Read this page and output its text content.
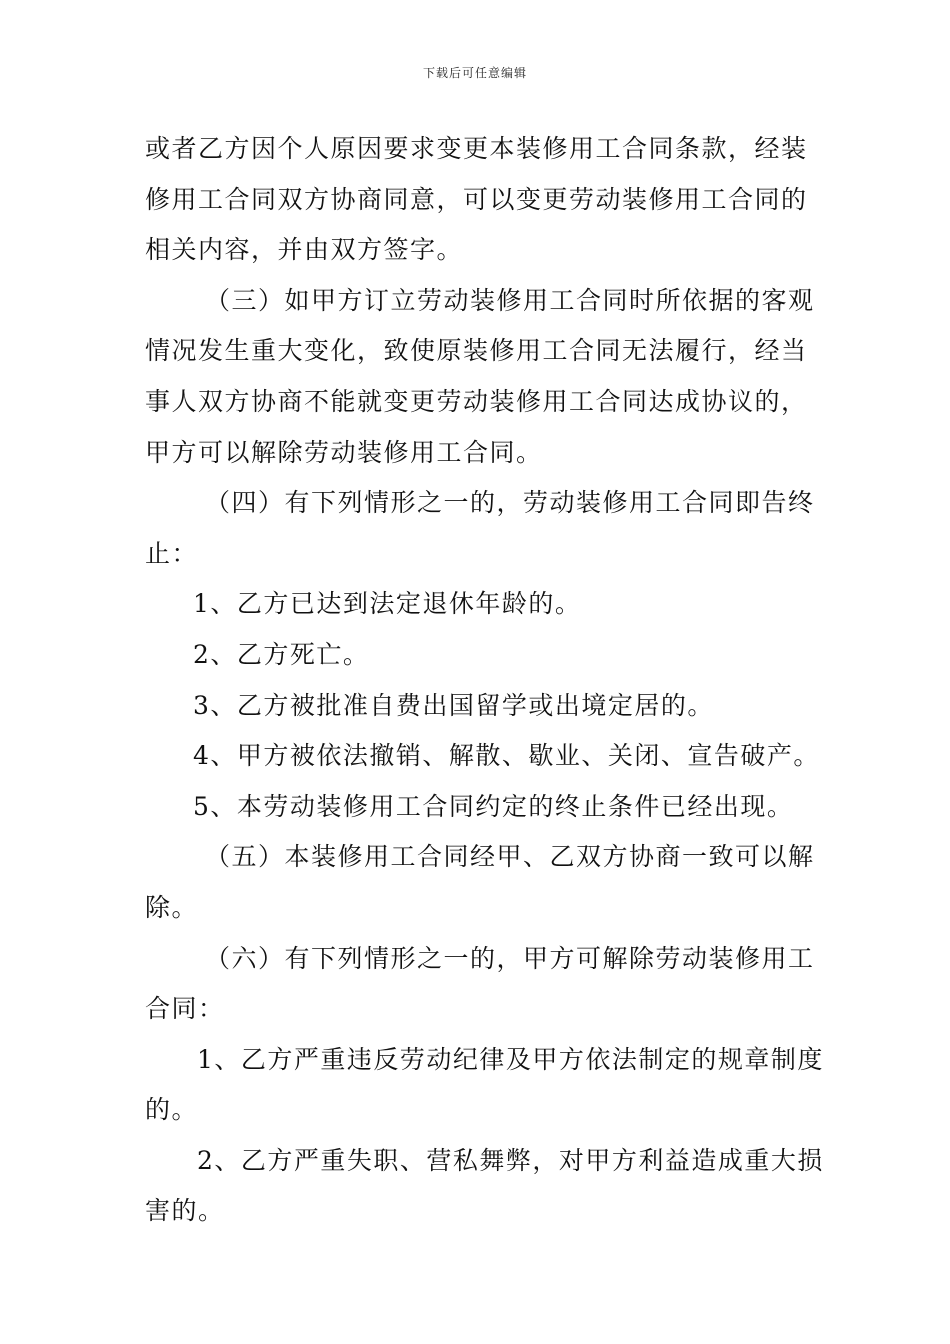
下载后可任意编辑
或者乙方因个人原因要求变更本装修用工合同条款，经装
修用工合同双方协商同意，可以变更劳动装修用工合同的
相关内容，并由双方签字。
（三）如甲方订立劳动装修用工合同时所依据的客观
情况发生重大变化，致使原装修用工合同无法履行，经当
事人双方协商不能就变更劳动装修用工合同达成协议的，
甲方可以解除劳动装修用工合同。
（四）有下列情形之一的，劳动装修用工合同即告终
止：
1、乙方已达到法定退休年龄的。
2、乙方死亡。
3、乙方被批准自费出国留学或出境定居的。
4、甲方被依法撤销、解散、歇业、关闭、宣告破产。
5、本劳动装修用工合同约定的终止条件已经出现。
（五）本装修用工合同经甲、乙双方协商一致可以解
除。
（六）有下列情形之一的，甲方可解除劳动装修用工
合同：
1、乙方严重违反劳动纪律及甲方依法制定的规章制度
的。
2、乙方严重失职、营私舞弊，对甲方利益造成重大损
害的。
